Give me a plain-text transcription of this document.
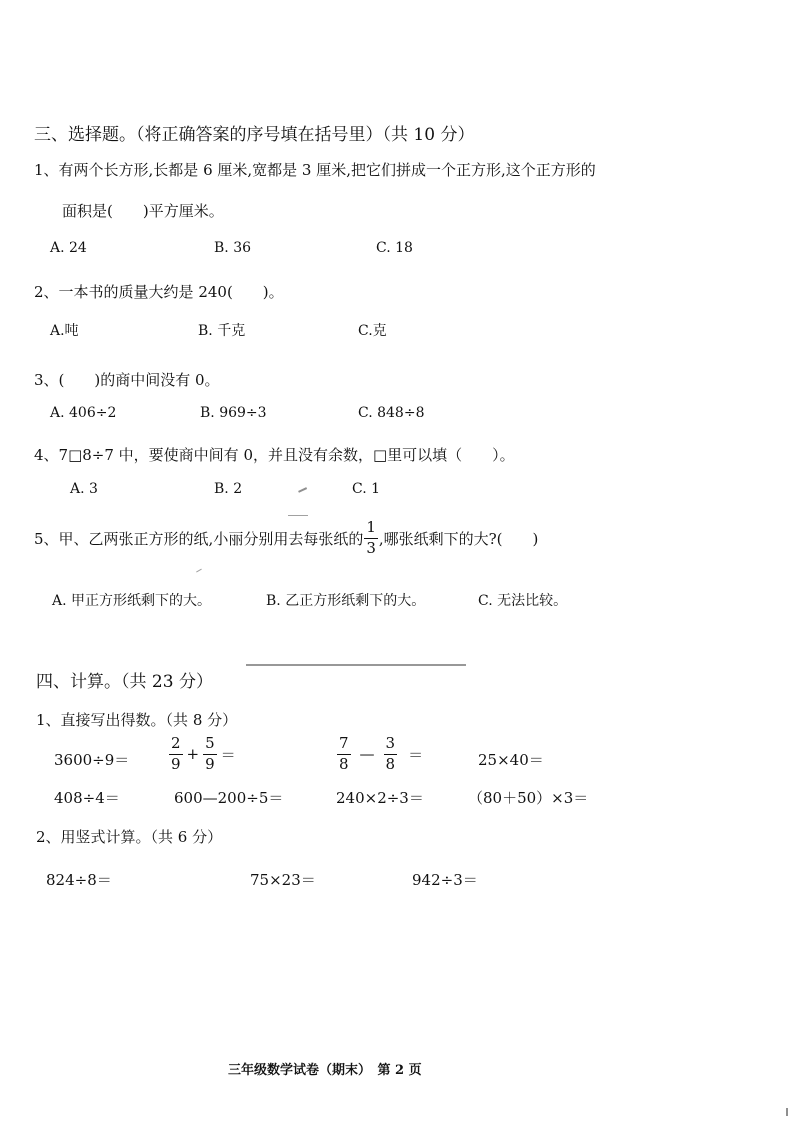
三、选择题。（将正确答案的序号填在括号里）（共 10 分）
1、有两个长方形,长都是 6 厘米,宽都是 3 厘米,把它们拼成一个正方形,这个正方形的
面积是(　　)平方厘米。
A. 24	B. 36	C. 18
2、一本书的质量大约是 240(　　)。
A.吨	B. 千克	C.克
3、(　　)的商中间没有 0。
A. 406÷2	B. 969÷3	C. 848÷8
4、7□8÷7 中，要使商中间有 0，并且没有余数，□里可以填（　　）。
A. 3	B. 2	C. 1
5、甲、乙两张正方形的纸,小丽分别用去每张纸的 $\frac{1}{3}$ ,哪张纸剩下的大?(　　)
A. 甲正方形纸剩下的大。	B. 乙正方形纸剩下的大。	C. 无法比较。
四、计算。（共 23 分）
1、直接写出得数。（共 8 分）
3600÷9＝	$\frac{2}{9} + \frac{5}{9}$ ＝	$\frac{7}{8}$ — $\frac{3}{8}$ ＝	25×40＝
408÷4＝	600—200÷5＝	240×2÷3＝	（80＋50）×3＝
2、用竖式计算。（共 6 分）
824÷8＝	75×23＝	942÷3＝
三年级数学试卷（期末）　第 2 页
